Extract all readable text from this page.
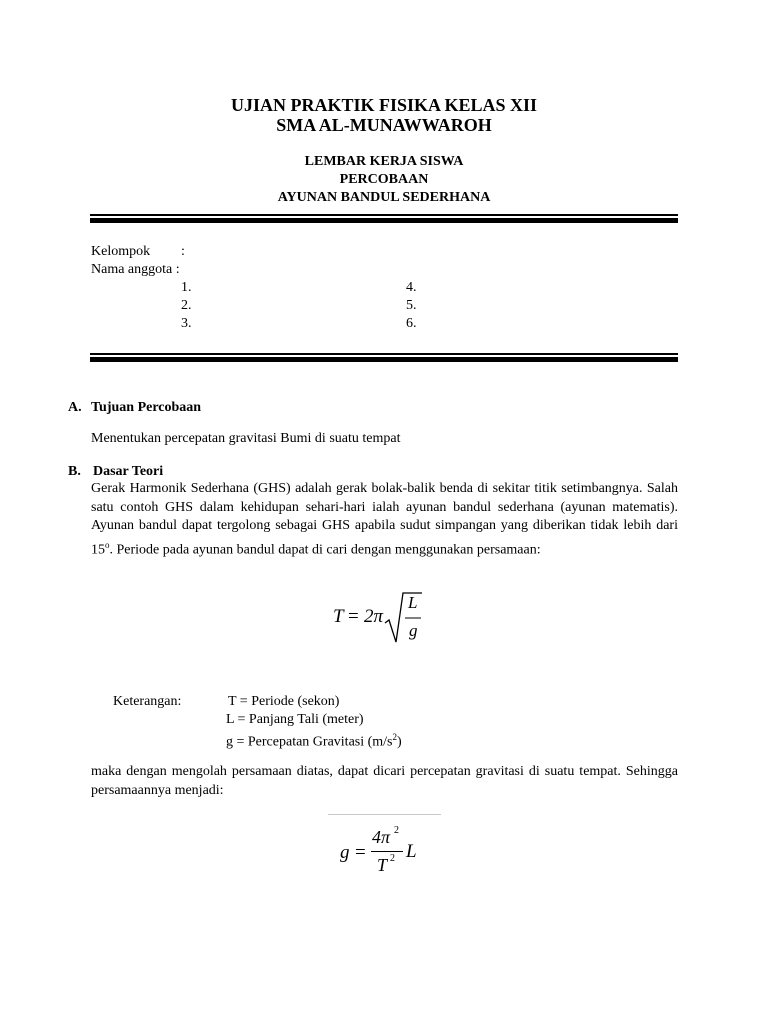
UJIAN PRAKTIK FISIKA KELAS XII
SMA AL-MUNAWWAROH
LEMBAR KERJA SISWA
PERCOBAAN
AYUNAN BANDUL SEDERHANA
Kelompok :
Nama anggota :
1.
2.
3.
4.
5.
6.
A. Tujuan Percobaan
Menentukan percepatan gravitasi Bumi di suatu tempat
B. Dasar Teori
Gerak Harmonik Sederhana (GHS) adalah gerak bolak-balik benda di sekitar titik setimbangnya. Salah satu contoh GHS dalam kehidupan sehari-hari ialah ayunan bandul sederhana (ayunan matematis). Ayunan bandul dapat tergolong sebagai GHS apabila sudut simpangan yang diberikan tidak lebih dari 15$^o$. Periode pada ayunan bandul dapat di cari dengan menggunakan persamaan:
T = 2π
L
g
Keterangan:	T = Periode (sekon)
L = Panjang Tali (meter)
g = Percepatan Gravitasi $(m/s^2)$
maka dengan mengolah persamaan diatas, dapat dicari percepatan gravitasi di suatu tempat. Sehingga persamaannya menjadi:
g =
4π 2
T 2 L
